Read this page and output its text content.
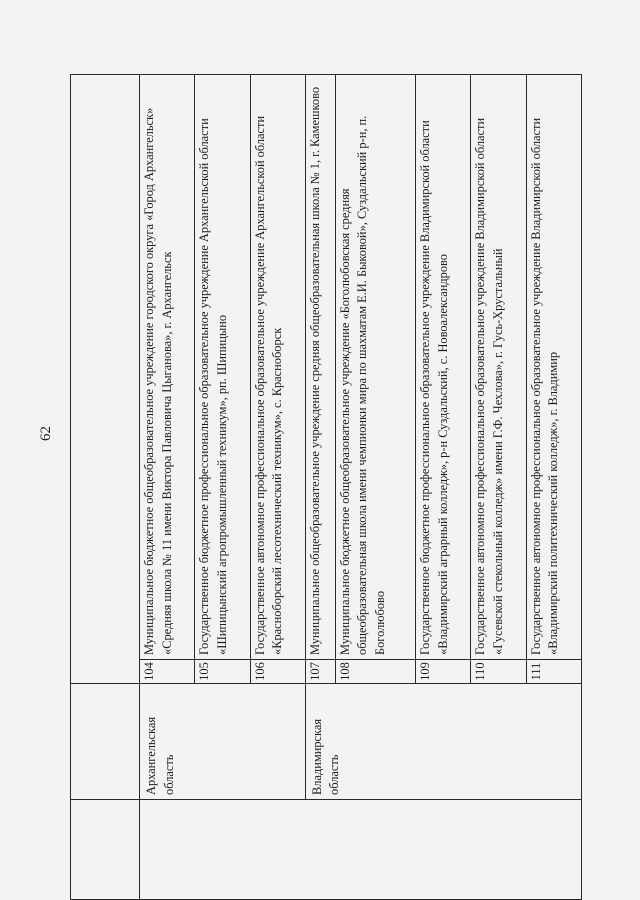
62

	Архангельская область	104	Муниципальное бюджетное общеобразовательное учреждение городского округа «Город Архангельск» «Средняя школа № 11 имени Виктора Павловича Цыганова», г. Архангельск
		105	Государственное бюджетное профессиональное образовательное учреждение Архангельской области «Шипицынский агропромышленный техникум», рп. Шипицыно
		106	Государственное автономное профессиональное образовательное учреждение Архангельской области «Красноборский лесотехнический техникум», с. Красноборск
	Владимирская область	107	Муниципальное общеобразовательное учреждение средняя общеобразовательная школа № 1, г. Камешково
		108	Муниципальное бюджетное общеобразовательное учреждение «Боголюбовская средняя общеобразовательная школа имени чемпионки мира по шахматам Е.И. Быковой», Суздальский р-н, п. Боголюбово
		109	Государственное бюджетное профессиональное образовательное учреждение Владимирской области «Владимирский аграрный колледж», р-н Суздальский, с. Новоалександрово
		110	Государственное автономное профессиональное образовательное учреждение Владимирской области «Гусевской стекольный колледж» имени Г.Ф. Чехлова», г. Гусь-Хрустальный
		111	Государственное автономное профессиональное образовательное учреждение Владимирской области «Владимирский политехнический колледж», г. Владимир
